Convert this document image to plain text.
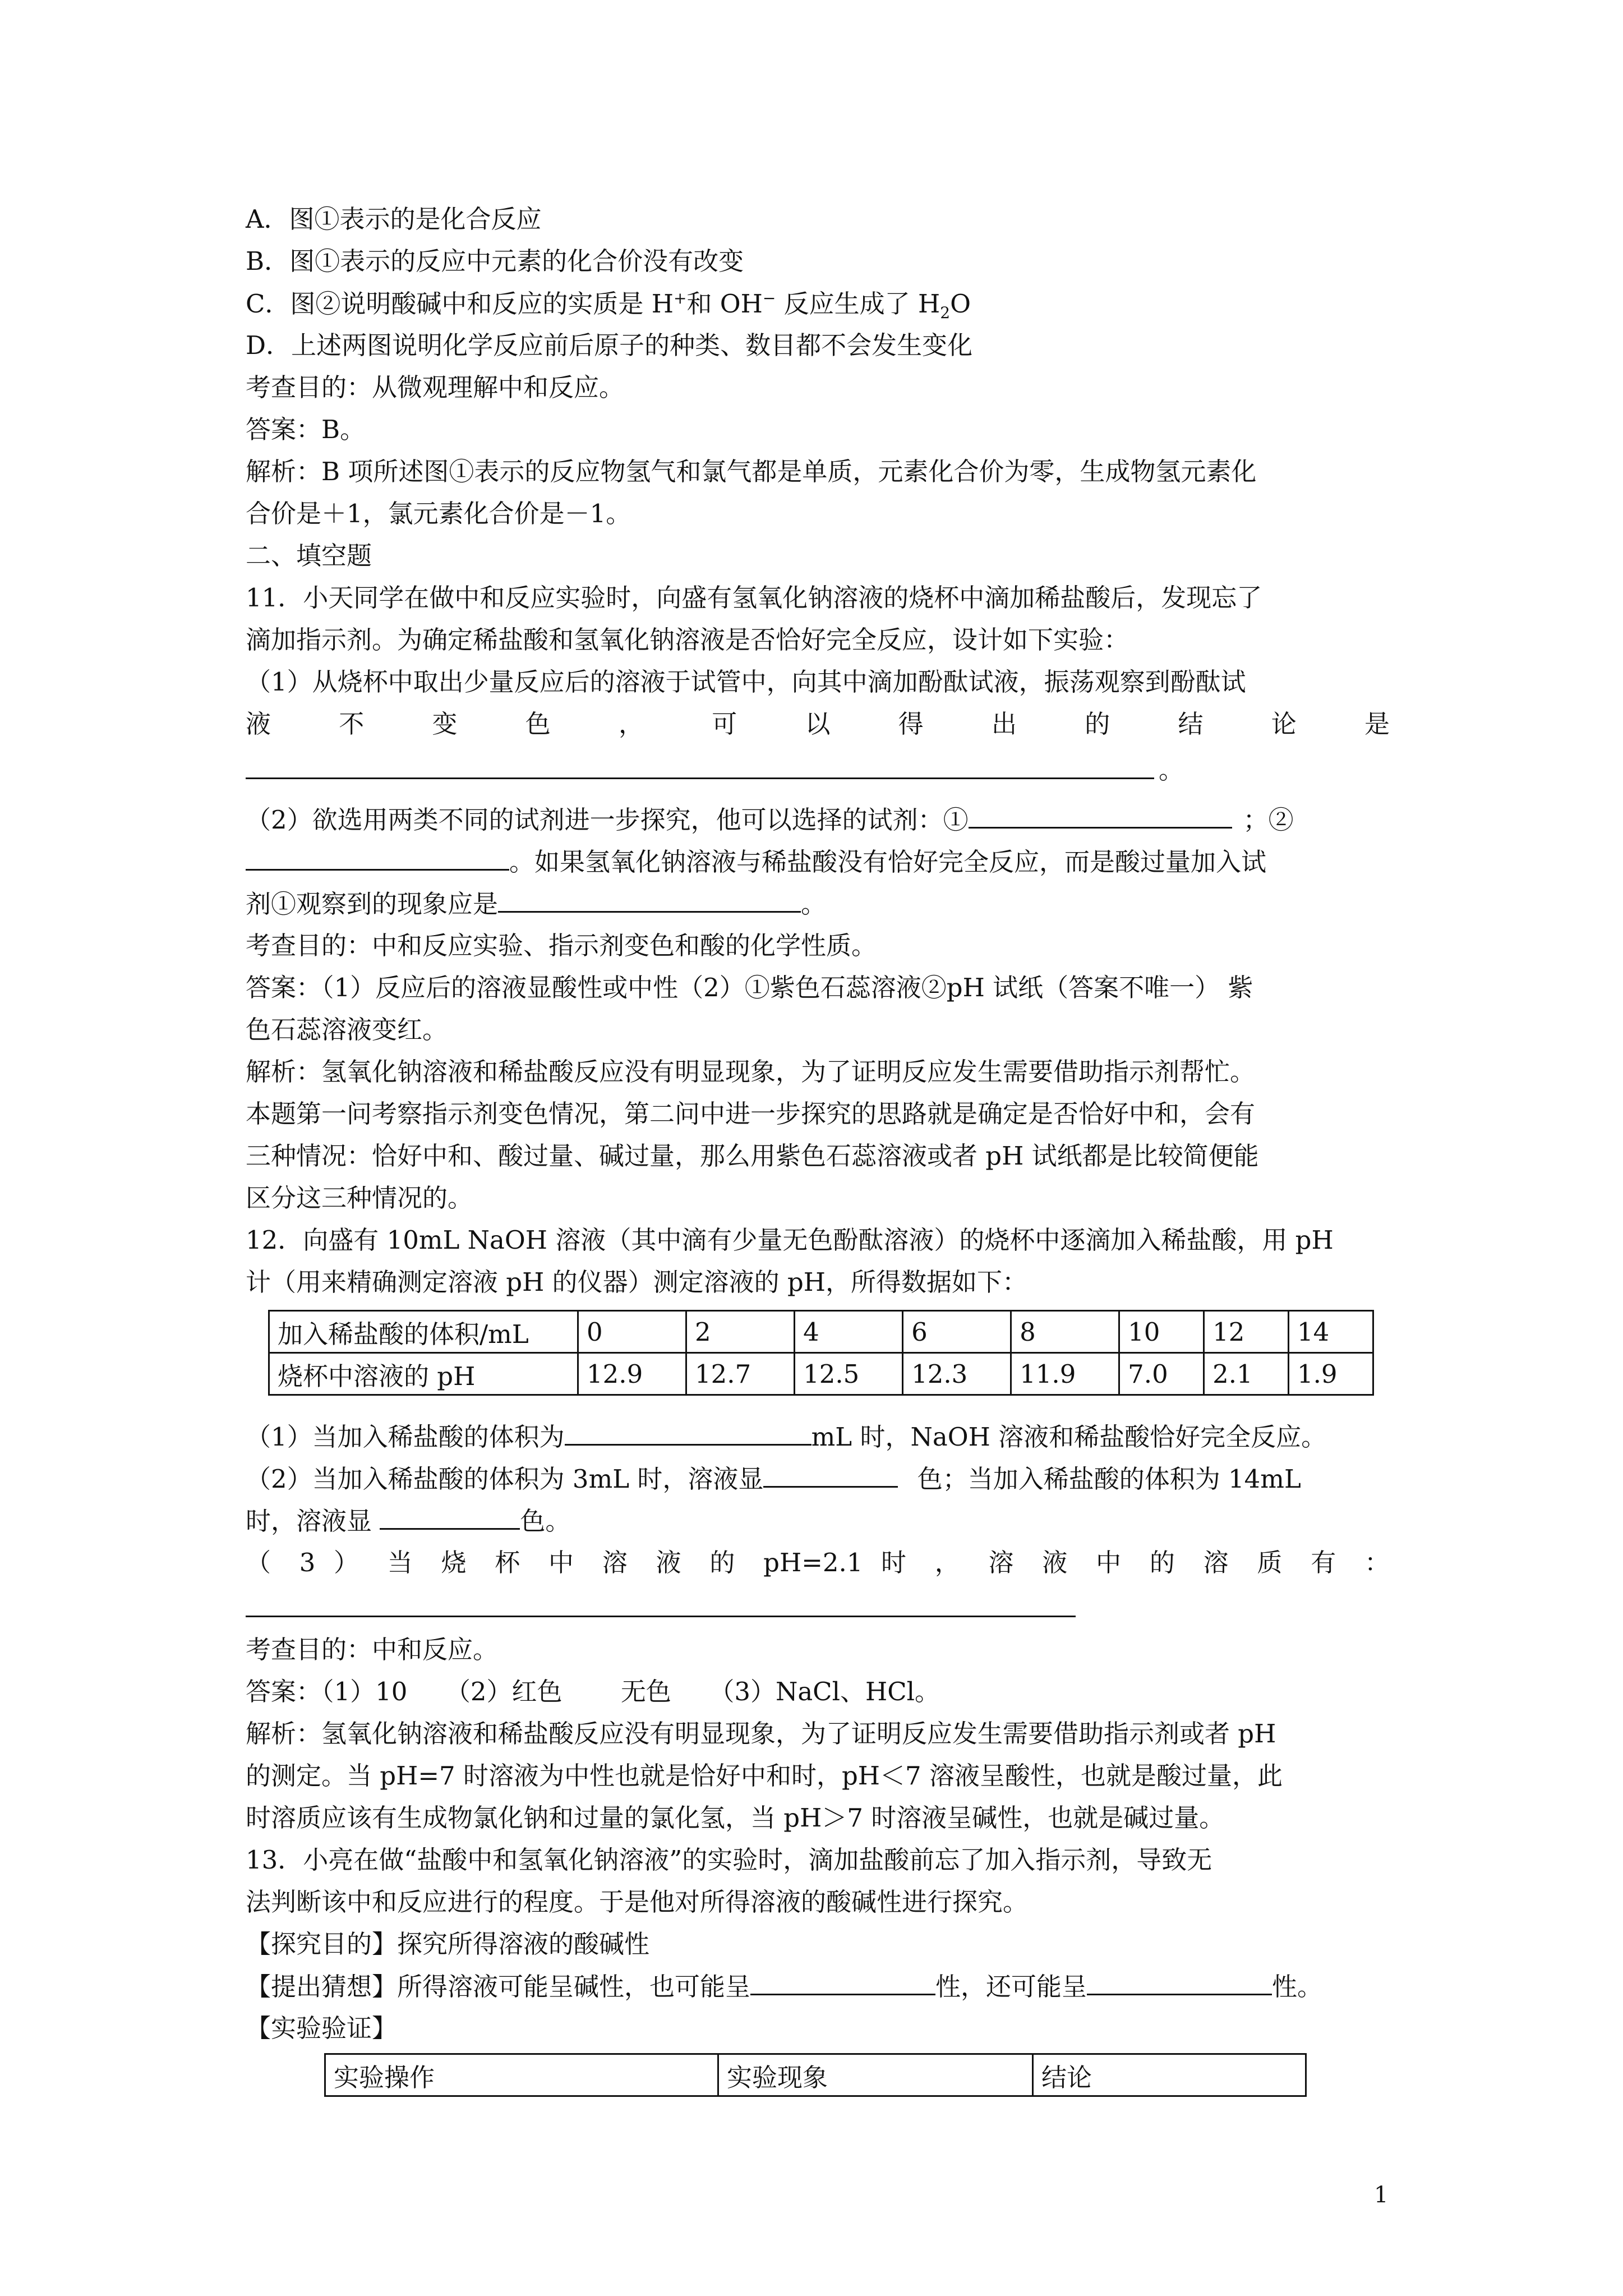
A．图①表示的是化合反应
B．图①表示的反应中元素的化合价没有改变
C．图②说明酸碱中和反应的实质是 H+和 OH− 反应生成了 $H_2O$
D．上述两图说明化学反应前后原子的种类、数目都不会发生变化
考查目的：从微观理解中和反应。
答案：B。
解析：B 项所述图①表示的反应物氢气和氯气都是单质，元素化合价为零，生成物氢元素化
合价是＋1，氯元素化合价是－1。
二、填空题
11．小天同学在做中和反应实验时，向盛有氢氧化钠溶液的烧杯中滴加稀盐酸后，发现忘了
滴加指示剂。为确定稀盐酸和氢氧化钠溶液是否恰好完全反应，设计如下实验：
（1）从烧杯中取出少量反应后的溶液于试管中，向其中滴加酚酞试液，振荡观察到酚酞试
液 不 变 色 ， 可 以 得 出 的 结 论 是
。
（2）欲选用两类不同的试剂进一步探究，他可以选择的试剂：①	；②
。如果氢氧化钠溶液与稀盐酸没有恰好完全反应，而是酸过量加入试
剂①观察到的现象应是	。
考查目的：中和反应实验、指示剂变色和酸的化学性质。
答案：（1）反应后的溶液显酸性或中性（2）①紫色石蕊溶液②pH 试纸（答案不唯一） 紫
色石蕊溶液变红。
解析：氢氧化钠溶液和稀盐酸反应没有明显现象，为了证明反应发生需要借助指示剂帮忙。
本题第一问考察指示剂变色情况，第二问中进一步探究的思路就是确定是否恰好中和，会有
三种情况：恰好中和、酸过量、碱过量，那么用紫色石蕊溶液或者 pH 试纸都是比较简便能
区分这三种情况的。
12．向盛有 10mL NaOH 溶液（其中滴有少量无色酚酞溶液）的烧杯中逐滴加入稀盐酸，用 pH
计（用来精确测定溶液 pH 的仪器）测定溶液的 pH，所得数据如下：
加入稀盐酸的体积/mL	0	2	4	6	8	10	12	14
烧杯中溶液的 pH	12.9	12.7	12.5	12.3	11.9	7.0	2.1	1.9
（1）当加入稀盐酸的体积为	mL 时，NaOH 溶液和稀盐酸恰好完全反应。
（2）当加入稀盐酸的体积为 3mL 时，溶液显	色；当加入稀盐酸的体积为 14mL
时，溶液显	色。
（ 3 ） 当 烧 杯 中 溶 液 的 pH=2.1 时 ， 溶 液 中 的 溶 质 有 ：
考查目的：中和反应。
答案：（1）10　　（2）红色　　 无色　　（3）NaCl、HCl。
解析：氢氧化钠溶液和稀盐酸反应没有明显现象，为了证明反应发生需要借助指示剂或者 pH
的测定。当 pH=7 时溶液为中性也就是恰好中和时，pH＜7 溶液呈酸性，也就是酸过量，此
时溶质应该有生成物氯化钠和过量的氯化氢，当 pH＞7 时溶液呈碱性，也就是碱过量。
13．小亮在做“盐酸中和氢氧化钠溶液”的实验时，滴加盐酸前忘了加入指示剂，导致无
法判断该中和反应进行的程度。于是他对所得溶液的酸碱性进行探究。
【探究目的】探究所得溶液的酸碱性
【提出猜想】所得溶液可能呈碱性，也可能呈	性，还可能呈	性。
【实验验证】
实验操作	实验现象	结论
1
